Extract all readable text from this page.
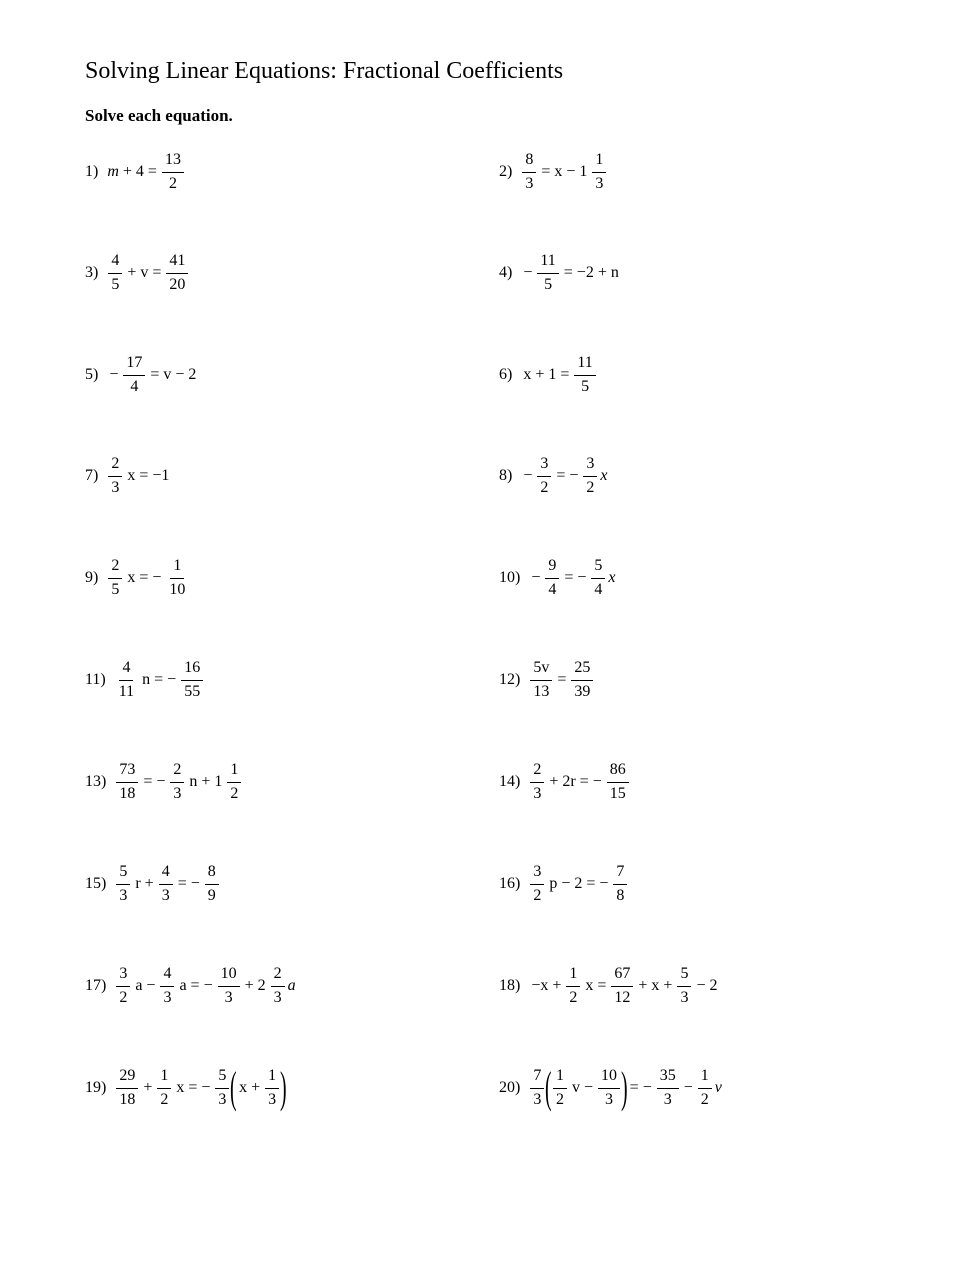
Solving Linear Equations: Fractional Coefficients
Solve each equation.
1) $m + 4 = \frac{13}{2}$	$2) \frac{8}{3} = x - 1 \frac{1}{3}$
$3) \frac{4}{5} + v = \frac{41}{20}$	$4) - \frac{11}{5} = -2 + n$
$5) - \frac{17}{4} = v - 2$	6) $x + 1 = \frac{11}{5}$
$7) \frac{2}{3}$ x = −1	$8) - \frac{3}{2}$ = − $\frac{3}{2}$ x
$9) \frac{2}{5}$ x = − $\frac{1}{10}$	$10) - \frac{9}{4}$ = − $\frac{5}{4}$ x
$11) \frac{4}{11}$ n = − $\frac{16}{55}$	$12) \frac{5v}{13} = \frac{25}{39}$
$13) \frac{73}{18}$ = − $\frac{2}{3}$ $n + 1 \frac{1}{2}$	$14) \frac{2}{3} + 2r$ = − $\frac{86}{15}$
$15) \frac{5}{3}$ $r + \frac{4}{3}$ = − $\frac{8}{9}$	$16) \frac{3}{2}$ p − 2 = − $\frac{7}{8}$
$17) \frac{3}{2}$ $a - \frac{4}{3}$ a = − $\frac{10}{3} + 2 \frac{2}{3}$ a	$18) -x + \frac{1}{2}$ $x = \frac{67}{12} + x + \frac{5}{3} - 2$
$19) \frac{29}{18} + \frac{1}{2}$ x = − $\frac{5}{3}$ ( $x + \frac{1}{3}$ )	$20) \frac{7}{3}$ ( $\frac{1}{2}$ $v - \frac{10}{3}$ ) = − $\frac{35}{3} - \frac{1}{2}$ v
